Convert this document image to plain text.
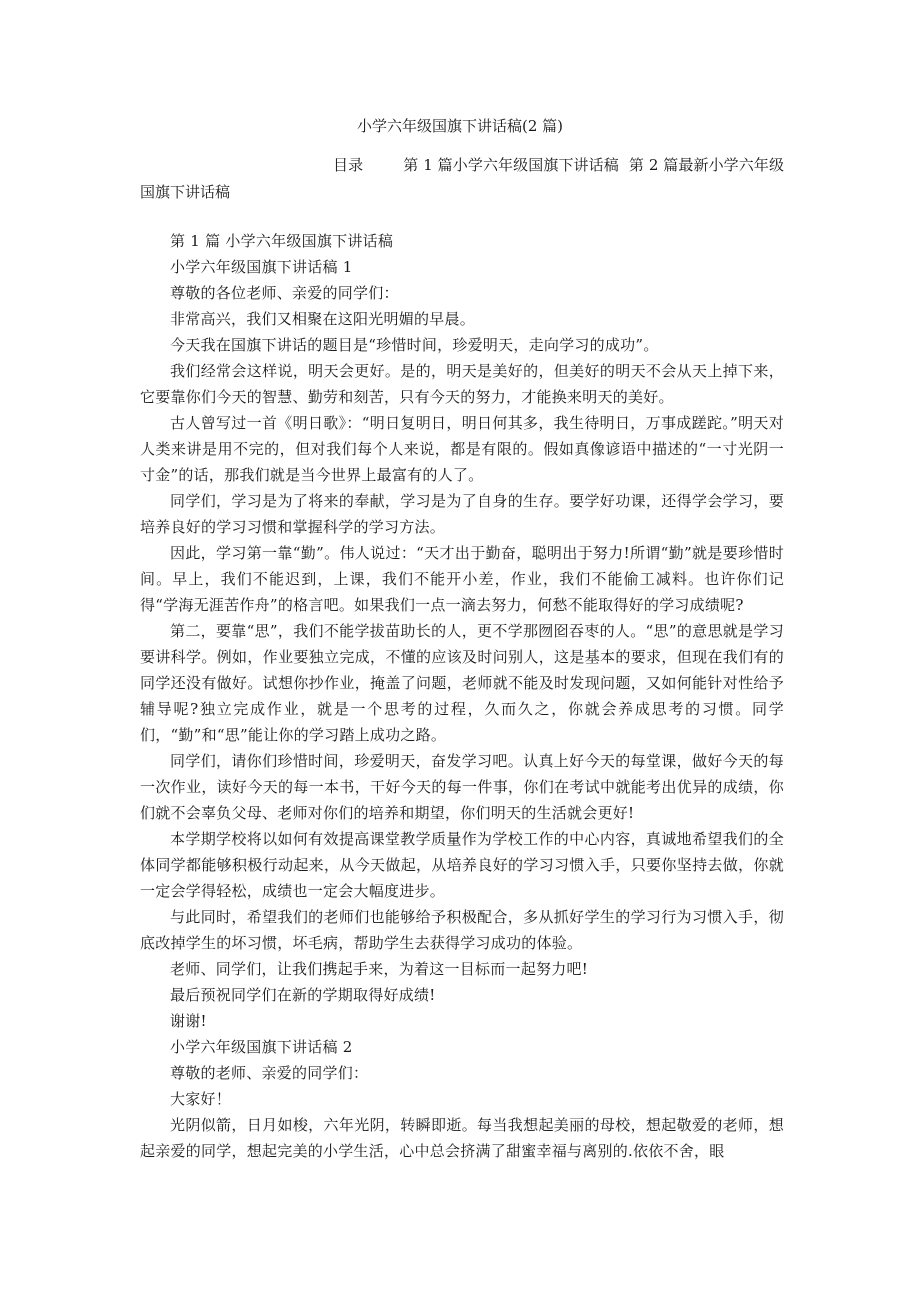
小学六年级国旗下讲话稿(2 篇)
目录	第 1 篇小学六年级国旗下讲话稿 第 2 篇最新小学六年级国旗下讲话稿

第 1 篇 小学六年级国旗下讲话稿

小学六年级国旗下讲话稿 1

尊敬的各位老师、亲爱的同学们：

非常高兴，我们又相聚在这阳光明媚的早晨。

今天我在国旗下讲话的题目是“珍惜时间，珍爱明天，走向学习的成功”。

我们经常会这样说，明天会更好。是的，明天是美好的，但美好的明天不会从天上掉下来，它要靠你们今天的智慧、勤劳和刻苦，只有今天的努力，才能换来明天的美好。

古人曾写过一首《明日歌》：“明日复明日，明日何其多，我生待明日，万事成蹉跎。”明天对人类来讲是用不完的，但对我们每个人来说，都是有限的。假如真像谚语中描述的“一寸光阴一寸金”的话，那我们就是当今世界上最富有的人了。

同学们，学习是为了将来的奉献，学习是为了自身的生存。要学好功课，还得学会学习，要培养良好的学习习惯和掌握科学的学习方法。

因此，学习第一靠“勤”。伟人说过：“天才出于勤奋，聪明出于努力!所谓“勤”就是要珍惜时间。早上，我们不能迟到，上课，我们不能开小差，作业，我们不能偷工减料。也许你们记得“学海无涯苦作舟”的格言吧。如果我们一点一滴去努力，何愁不能取得好的学习成绩呢?

第二，要靠“思”，我们不能学拔苗助长的人，更不学那囫囵吞枣的人。“思”的意思就是学习要讲科学。例如，作业要独立完成，不懂的应该及时问别人，这是基本的要求，但现在我们有的同学还没有做好。试想你抄作业，掩盖了问题，老师就不能及时发现问题，又如何能针对性给予辅导呢?独立完成作业，就是一个思考的过程，久而久之，你就会养成思考的习惯。同学们，“勤”和“思”能让你的学习踏上成功之路。

同学们，请你们珍惜时间，珍爱明天，奋发学习吧。认真上好今天的每堂课，做好今天的每一次作业，读好今天的每一本书，干好今天的每一件事，你们在考试中就能考出优异的成绩，你们就不会辜负父母、老师对你们的培养和期望，你们明天的生活就会更好!

本学期学校将以如何有效提高课堂教学质量作为学校工作的中心内容，真诚地希望我们的全体同学都能够积极行动起来，从今天做起，从培养良好的学习习惯入手，只要你坚持去做，你就一定会学得轻松，成绩也一定会大幅度进步。

与此同时，希望我们的老师们也能够给予积极配合，多从抓好学生的学习行为习惯入手，彻底改掉学生的坏习惯，坏毛病，帮助学生去获得学习成功的体验。

老师、同学们，让我们携起手来，为着这一目标而一起努力吧!

最后预祝同学们在新的学期取得好成绩!

谢谢!

小学六年级国旗下讲话稿 2

尊敬的老师、亲爱的同学们：

大家好！

光阴似箭，日月如梭，六年光阴，转瞬即逝。每当我想起美丽的母校，想起敬爱的老师，想起亲爱的同学，想起完美的小学生活，心中总会挤满了甜蜜幸福与离别的.依依不舍，眼
